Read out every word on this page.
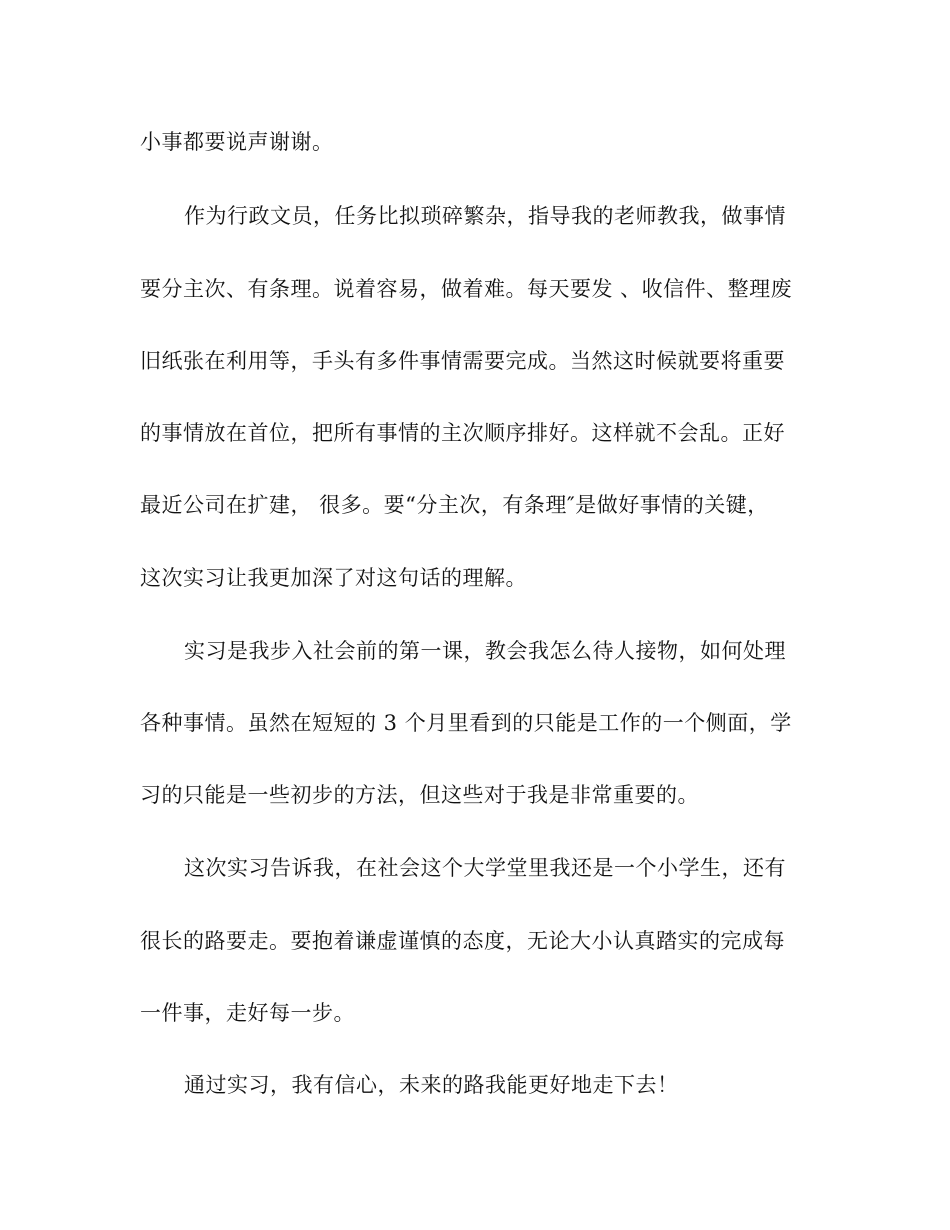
小事都要说声谢谢。
作为行政文员，任务比拟琐碎繁杂，指导我的老师教我，做事情
要分主次、有条理。说着容易，做着难。每天要发 、收信件、整理废
旧纸张在利用等，手头有多件事情需要完成。当然这时候就要将重要
的事情放在首位，把所有事情的主次顺序排好。这样就不会乱。正好
最近公司在扩建， 很多。要“分主次，有条理″是做好事情的关键，
这次实习让我更加深了对这句话的理解。
实习是我步入社会前的第一课，教会我怎么待人接物，如何处理
各种事情。虽然在短短的 3 个月里看到的只能是工作的一个侧面，学
习的只能是一些初步的方法，但这些对于我是非常重要的。
这次实习告诉我，在社会这个大学堂里我还是一个小学生，还有
很长的路要走。要抱着谦虚谨慎的态度，无论大小认真踏实的完成每
一件事，走好每一步。
通过实习，我有信心，未来的路我能更好地走下去！
